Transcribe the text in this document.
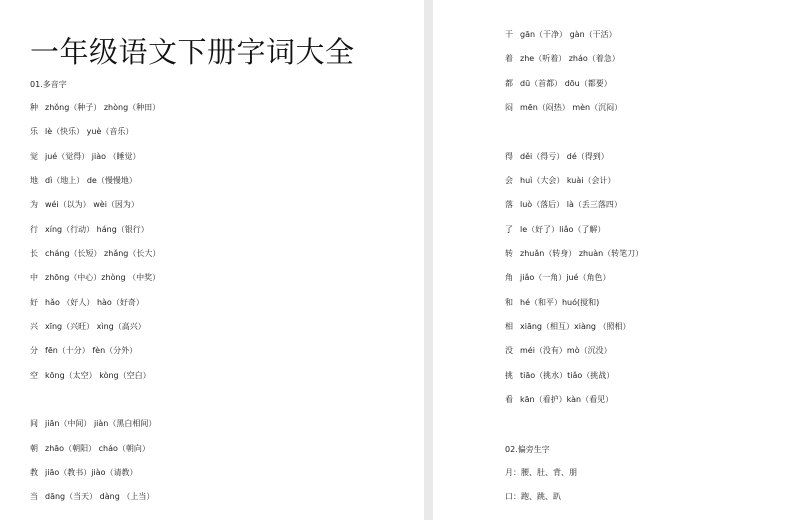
一年级语文下册字词大全
01.多音字
种 zhǒng（种子） zhòng（种田）
乐 lè（快乐） yuè（音乐）
觉 jué（觉得） jiào （睡觉）
地 dì（地上） de（慢慢地）
为 wéi（以为） wèi（因为）
行 xíng（行动） háng（银行）
长 cháng（长短） zhǎng（长大）
中 zhōng（中心）zhòng （中奖）
好 hǎo （好人） hào（好奇）
兴 xīng（兴旺） xìng（高兴）
分 fēn（十分） fèn（分外）
空 kōng（太空） kòng（空白）
间 jiān（中间） jiàn（黑白相间）
朝 zhāo（朝阳） cháo（朝向）
教 jiāo（教书）jiào（请教）
当 dāng（当天） dàng （上当）
干 gān（干净） gàn（干活）
着 zhe（听着） zháo（着急）
都 dū（首都） dōu（都要）
闷 mēn（闷热） mèn（沉闷）
得 děi（得亏） dé（得到）
会 huì（大会） kuài（会计）
落 luò（落后） là（丢三落四）
了 le（好了）liǎo（了解）
转 zhuǎn（转身） zhuàn（转笔刀）
角 jiǎo（一角）jué（角色）
和 hé（和平）huó(搅和)
相 xiāng（相互）xiàng （照相）
没 méi（没有）mò（沉没）
挑 tiāo（挑水）tiǎo（挑战）
看 kān（看护）kàn（看见）
02.偏旁生字
月：腰、肚、背、朋
口：跑、跳、趴
